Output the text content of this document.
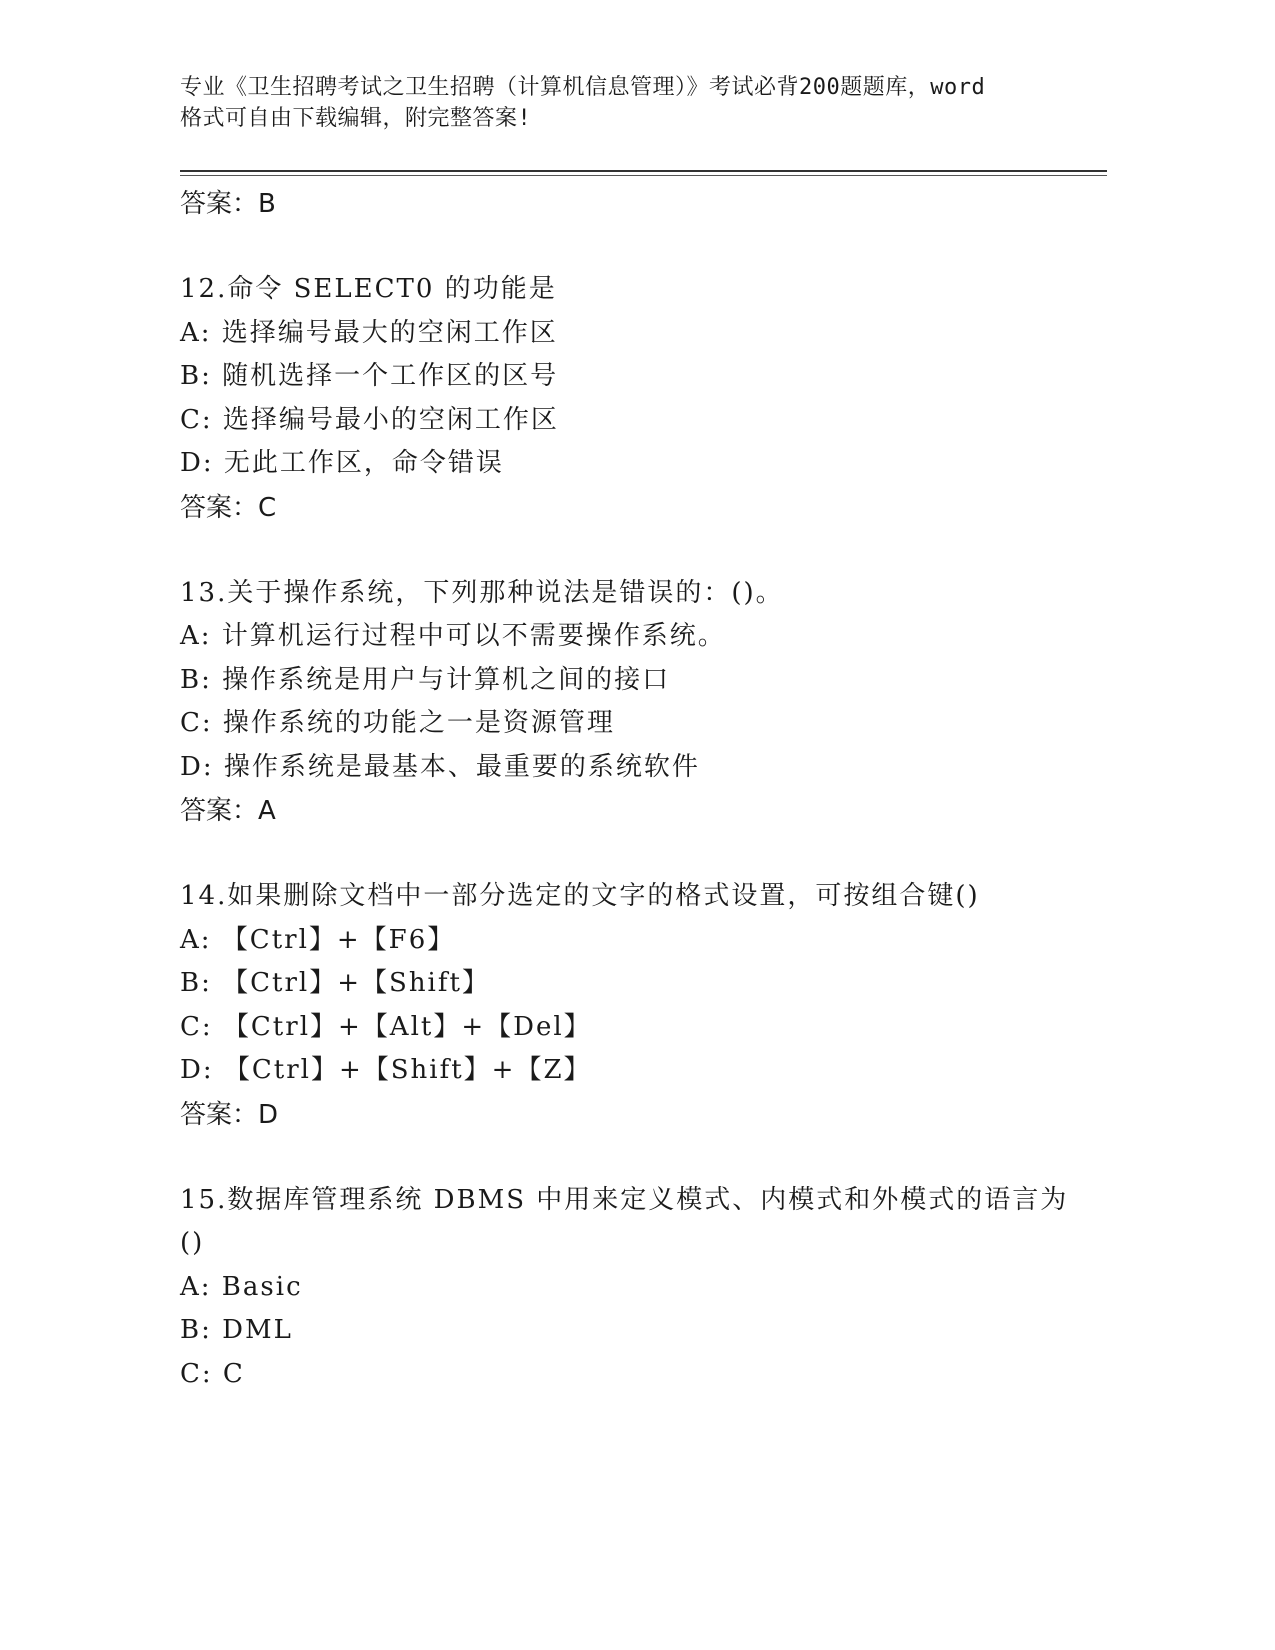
专业《卫生招聘考试之卫生招聘（计算机信息管理）》考试必背200题题库，word
格式可自由下载编辑，附完整答案!
答案：B
12.命令 SELECT0 的功能是
A: 选择编号最大的空闲工作区
B: 随机选择一个工作区的区号
C: 选择编号最小的空闲工作区
D: 无此工作区，命令错误
答案：C
13.关于操作系统，下列那种说法是错误的：()。
A: 计算机运行过程中可以不需要操作系统。
B: 操作系统是用户与计算机之间的接口
C: 操作系统的功能之一是资源管理
D: 操作系统是最基本、最重要的系统软件
答案：A
14.如果删除文档中一部分选定的文字的格式设置，可按组合键()
A: 【Ctrl】+【F6】
B: 【Ctrl】+【Shift】
C: 【Ctrl】+【Alt】+【Del】
D: 【Ctrl】+【Shift】+【Z】
答案：D
15.数据库管理系统 DBMS 中用来定义模式、内模式和外模式的语言为
()
A: Basic
B: DML
C: C
